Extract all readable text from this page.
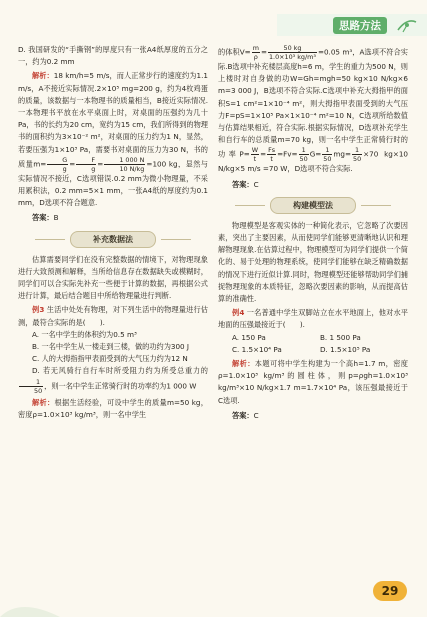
思路方法

D. 我国研发的“手撕钢”的厚度只有一张A4纸厚度的五分之一，约为0.2 mm

解析：18 km/h=5 m/s，而人正常步行的速度约为1.1 m/s，A不接近实际情况.2×10⁵ mg=200 g，约为4枚鸡蛋的质量，该数据与一本物理书的质量相当，B接近实际情况.一本物理书平放在水平桌面上时，对桌面的压强约为几十Pa，书的长约为20 cm，宽约为15 cm，我们所得到的物理书的面积约为3×10⁻² m²，对桌面的压力约为1 N，显然，若要压强为1×10³ Pa，需要书对桌面的压力为30 N，书的质量$m= \frac{G}{g} = \frac{F}{g} = \frac{1 000 N}{10 N/kg} =100$ kg，显然与实际情况不接近，C选项错误.0.2 mm为微小物理量，不采用累积法，0.2 mm=5×1 mm，一张A4纸的厚度约为0.1 mm，D选项不符合题意.

答案：B

补充数据法

估算需要同学们在没有完整数据的情境下，对物理现象进行大致预测和解释，当所给信息存在数据缺失或模糊时，同学们可以合实际先补充一些便于计算的数据，再根据公式进行计算，最后结合题目中所给物理量进行判断.

例3 生活中处处有物理，对下列生活中的物理量进行估测，最符合实际的是(　　).

A. 一名中学生的体积约为0.5 m³

B. 一名中学生从一楼走到三楼，做的功约为300 J

C. 人的大拇指指甲表面受到的大气压力约为12 N

D. 若无风骑行自行车时所受阻力约为所受总重力的
$\frac{1}{50}$ ，则一名中学生正常骑行时的功率约为1 000 W

解析：根据生活经验，可设中学生的质量m=50 kg，密度ρ=1.0×10³ kg/m³，则一名中学生

的体积$V= \frac{m}{\rho} = \frac{50 kg}{\text{1.0×10³ kg/m³}} =0.05$ m³，A选项不符合实际.B选项中补充楼层高度h=6 m，学生的重力为500 N，则上楼时对自身做的功W=Gh=mgh=50 kg×10 N/kg×6 m=3 000 J，B选项不符合实际.C选项中补充大拇指甲的面积S=1 cm²=1×10⁻⁴ m²，则大拇指甲表面受到的大气压力F=pS=1×10⁵ Pa×1×10⁻⁴ m²=10 N，C选项所给数值与估算结果相近，符合实际.根据实际情况，D选项补充学生和自行车的总质量m=70 kg，则一名中学生正常骑行时的功率$P= \frac{W}{t} = \frac{Fs}{t} =Fv= \frac{1}{50} G= \frac{1}{50} mg= \frac{1}{50} \times 70$ kg×10 N/kg×5 m/s =70 W，D选项不符合实际.

答案：C

构建模型法

物理模型是客观实体的一种简化表示，它忽略了次要因素，突出了主要因素，从而使同学们能够更清晰地认识和理解物理现象.在估算过程中，物理模型可为同学们提供一个简化的、易于处理的物理系统，使同学们能够在缺乏精确数据的情况下进行近似计算.同时，物理模型还能够帮助同学们捕捉物理现象的本质特征，忽略次要因素的影响，从而提高估算的准确性.

例4 一名普通中学生双脚站立在水平地面上，他对水平地面的压强最接近于(　　).

A. 150 Pa	B. 1 500 Pa
C. 1.5×10⁴ Pa	D. 1.5×10⁵ Pa

解析：本题可将中学生构建为一个高h=1.7 m，密度ρ=1.0×10³ kg/m³的圆柱体，则p=ρgh=1.0×10³ kg/m³×10 N/kg×1.7 m=1.7×10⁴ Pa，该压强最接近于C选项.

答案：C

29
